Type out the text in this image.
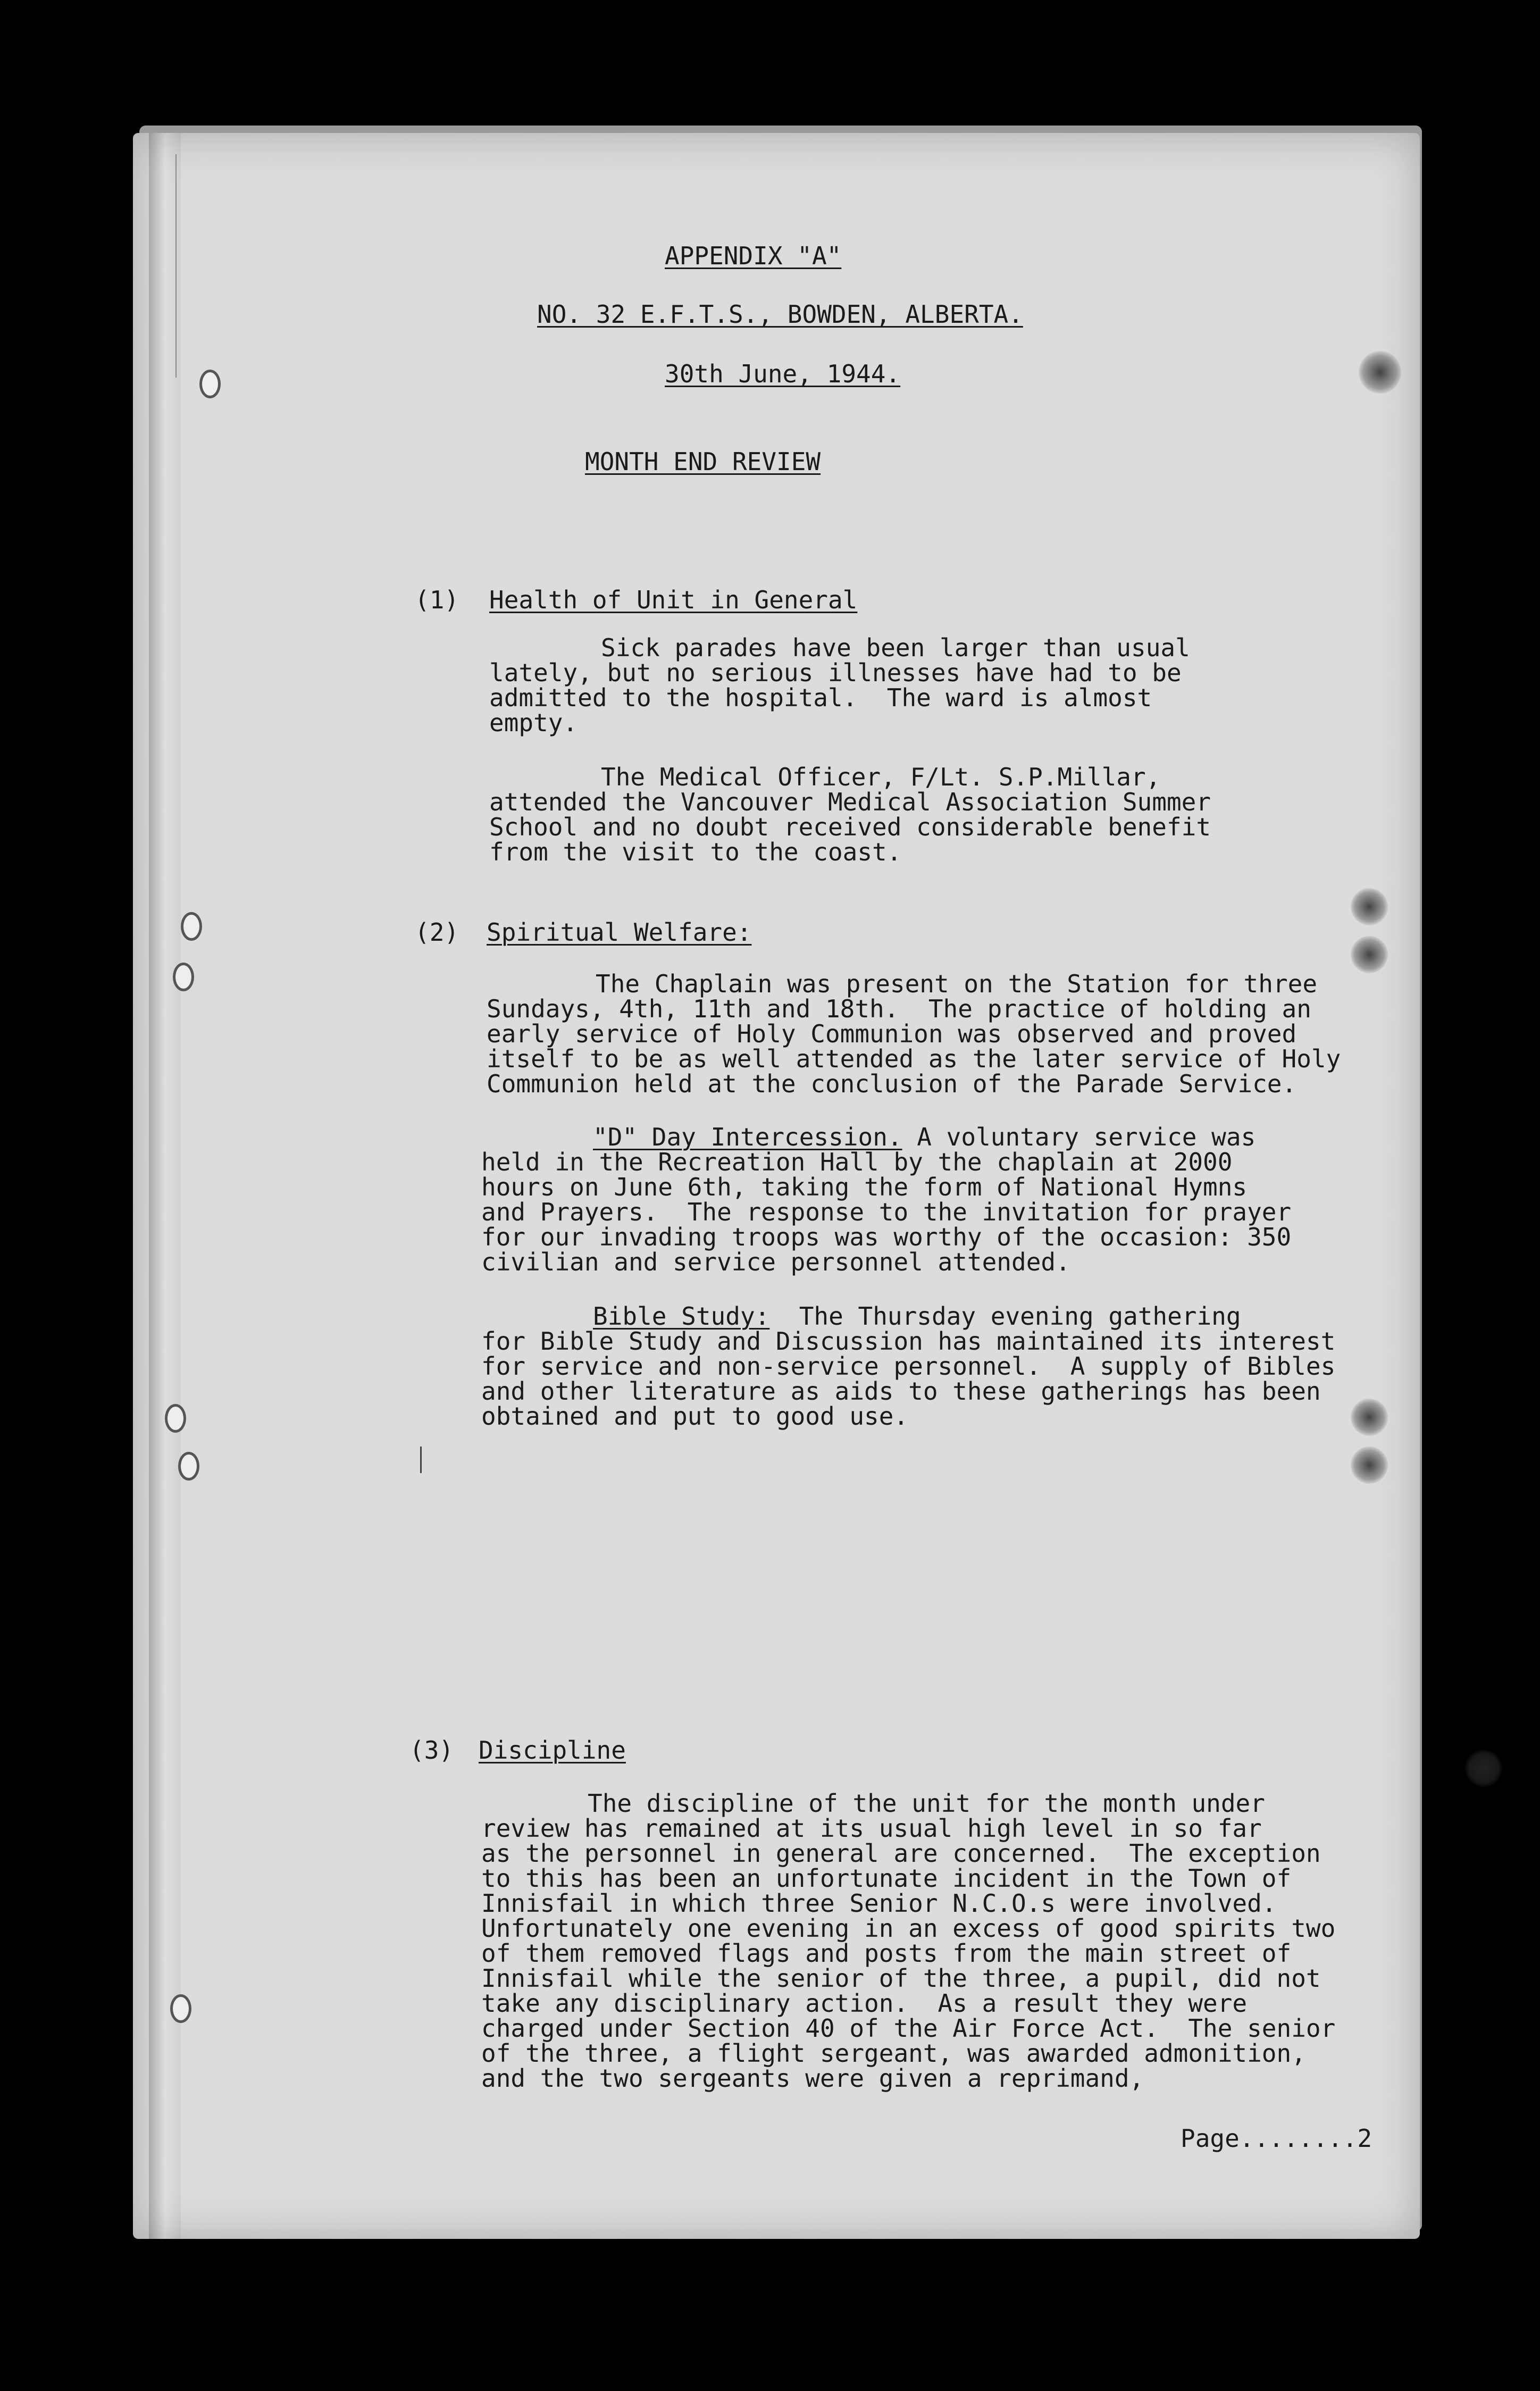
APPENDIX "A"
NO. 32 E.F.T.S., BOWDEN, ALBERTA.
30th June, 1944.
MONTH END REVIEW
(1) Health of Unit in General
Sick parades have been larger than usual
lately, but no serious illnesses have had to be
admitted to the hospital.  The ward is almost
empty.
The Medical Officer, F/Lt. S.P.Millar,
attended the Vancouver Medical Association Summer
School and no doubt received considerable benefit
from the visit to the coast.
(2) Spiritual Welfare:
The Chaplain was present on the Station for three
Sundays, 4th, 11th and 18th.  The practice of holding an
early service of Holy Communion was observed and proved
itself to be as well attended as the later service of Holy
Communion held at the conclusion of the Parade Service.
"D" Day Intercession. A voluntary service was
held in the Recreation Hall by the chaplain at 2000
hours on June 6th, taking the form of National Hymns
and Prayers.  The response to the invitation for prayer
for our invading troops was worthy of the occasion: 350
civilian and service personnel attended.
Bible Study: The Thursday evening gathering
for Bible Study and Discussion has maintained its interest
for service and non-service personnel.  A supply of Bibles
and other literature as aids to these gatherings has been
obtained and put to good use.
(3) Discipline
The discipline of the unit for the month under
review has remained at its usual high level in so far
as the personnel in general are concerned.  The exception
to this has been an unfortunate incident in the Town of
Innisfail in which three Senior N.C.O.s were involved.
Unfortunately one evening in an excess of good spirits two
of them removed flags and posts from the main street of
Innisfail while the senior of the three, a pupil, did not
take any disciplinary action.  As a result they were
charged under Section 40 of the Air Force Act.  The senior
of the three, a flight sergeant, was awarded admonition,
and the two sergeants were given a reprimand,
Page........2
